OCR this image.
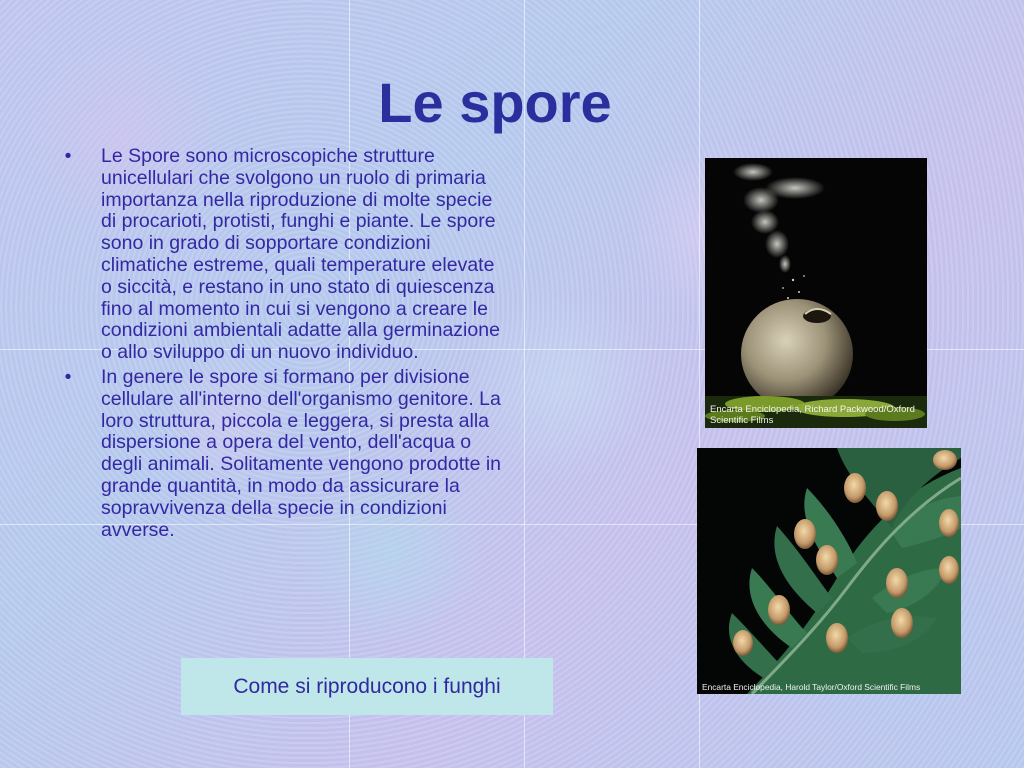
Le spore
•	Le Spore sono microscopiche strutture unicellulari che svolgono un ruolo di primaria importanza nella riproduzione di molte specie di procarioti, protisti, funghi e piante. Le spore sono in grado di sopportare condizioni climatiche estreme, quali temperature elevate o siccità, e restano in uno stato di quiescenza fino al momento in cui si vengono a creare le condizioni ambientali adatte alla germinazione o allo sviluppo di un nuovo individuo.
•	In genere le spore si formano per divisione cellulare all'interno dell'organismo genitore. La loro struttura, piccola e leggera, si presta alla dispersione a opera del vento, dell'acqua o degli animali. Solitamente vengono prodotte in grande quantità, in modo da assicurare la sopravvivenza della specie in condizioni avverse.
Encarta Enciclopedia, Richard Packwood/Oxford
Scientific Films
Encarta Enciclopedia, Harold Taylor/Oxford Scientific Films
Come si riproducono i funghi
